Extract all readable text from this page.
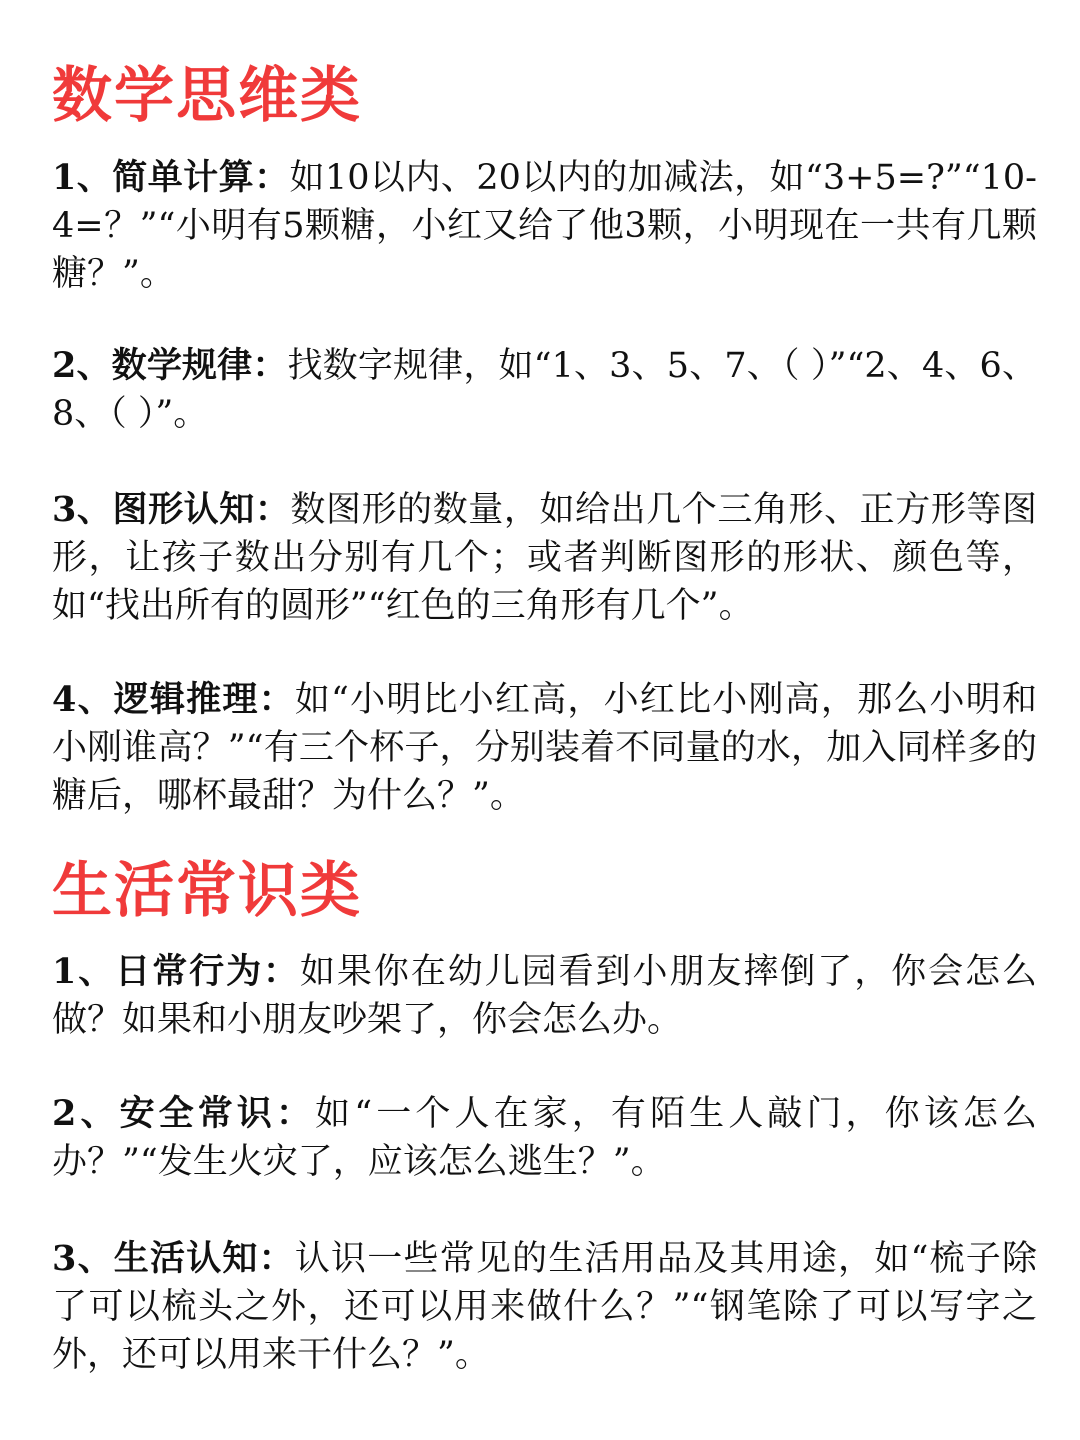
数学思维类

1、简单计算：如10以内、20以内的加减法，如“3+5=?”“10- 4=？”“小明有5颗糖，小红又给了他3颗，小明现在一共有几颗糖？”。

2、数学规律：找数字规律，如“1、3、5、7、（ ）”“2、4、6、8、（ ）”。

3、图形认知：数图形的数量，如给出几个三角形、正方形等图形，让孩子数出分别有几个；或者判断图形的形状、颜色等，如“找出所有的圆形”“红色的三角形有几个”。

4、逻辑推理：如“小明比小红高，小红比小刚高，那么小明和小刚谁高？”“有三个杯子，分别装着不同量的水，加入同样多的糖后，哪杯最甜？为什么？”。

生活常识类

1、日常行为：如果你在幼儿园看到小朋友摔倒了，你会怎么做？如果和小朋友吵架了，你会怎么办。

2、安全常识：如“一个人在家，有陌生人敲门，你该怎么办？”“发生火灾了，应该怎么逃生？”。

3、生活认知：认识一些常见的生活用品及其用途，如“梳子除了可以梳头之外，还可以用来做什么？”“钢笔除了可以写字之外，还可以用来干什么？”。
